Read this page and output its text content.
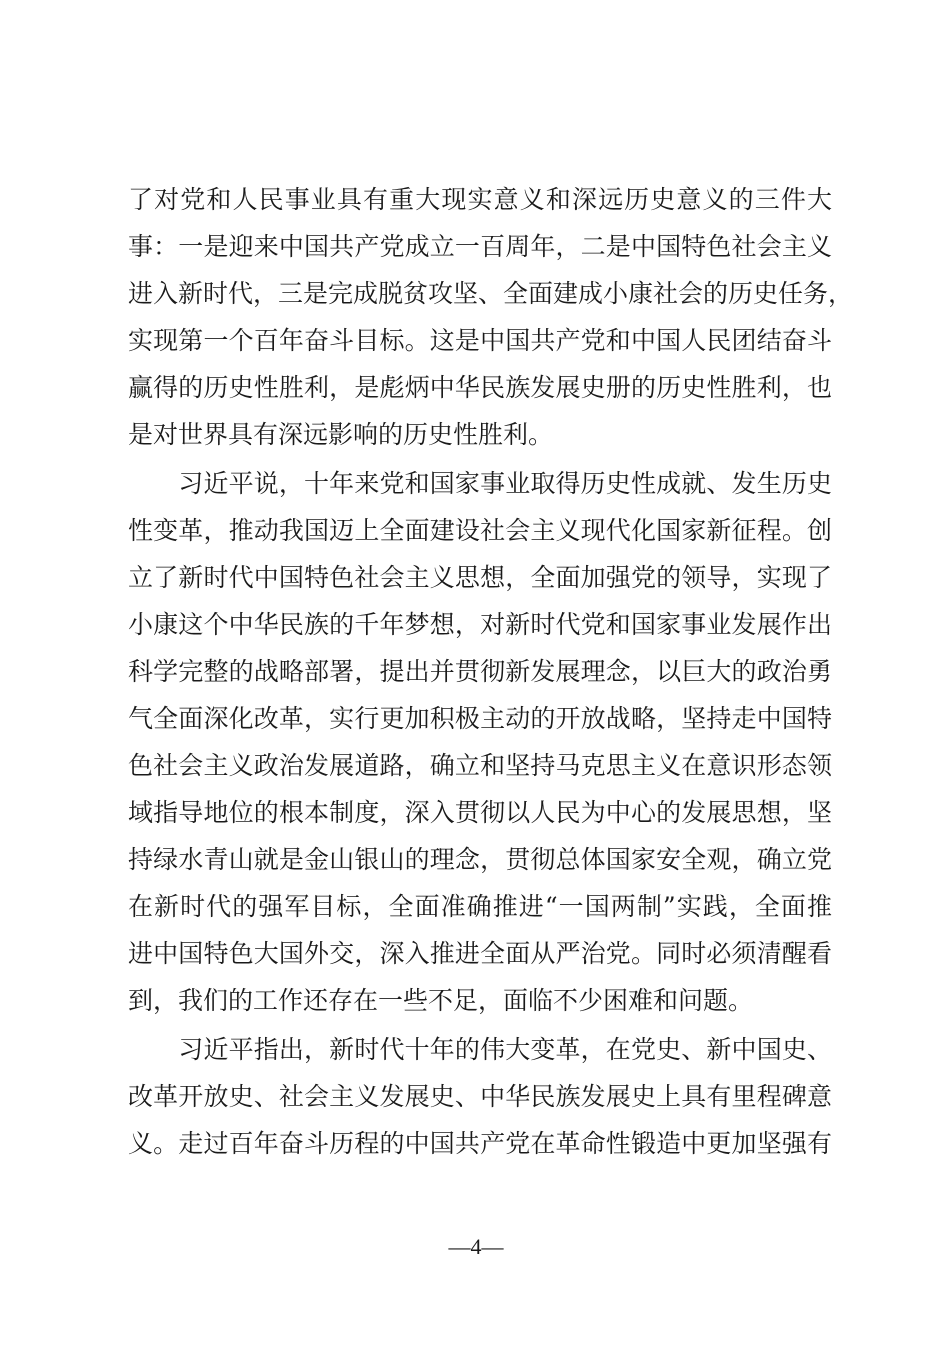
了对党和人民事业具有重大现实意义和深远历史意义的三件大
事：一是迎来中国共产党成立一百周年，二是中国特色社会主义
进入新时代，三是完成脱贫攻坚、全面建成小康社会的历史任务，
实现第一个百年奋斗目标。这是中国共产党和中国人民团结奋斗
赢得的历史性胜利，是彪炳中华民族发展史册的历史性胜利，也
是对世界具有深远影响的历史性胜利。
　　习近平说，十年来党和国家事业取得历史性成就、发生历史
性变革，推动我国迈上全面建设社会主义现代化国家新征程。创
立了新时代中国特色社会主义思想，全面加强党的领导，实现了
小康这个中华民族的千年梦想，对新时代党和国家事业发展作出
科学完整的战略部署，提出并贯彻新发展理念，以巨大的政治勇
气全面深化改革，实行更加积极主动的开放战略，坚持走中国特
色社会主义政治发展道路，确立和坚持马克思主义在意识形态领
域指导地位的根本制度，深入贯彻以人民为中心的发展思想，坚
持绿水青山就是金山银山的理念，贯彻总体国家安全观，确立党
在新时代的强军目标，全面准确推进“一国两制”实践，全面推
进中国特色大国外交，深入推进全面从严治党。同时必须清醒看
到，我们的工作还存在一些不足，面临不少困难和问题。
　　习近平指出，新时代十年的伟大变革，在党史、新中国史、
改革开放史、社会主义发展史、中华民族发展史上具有里程碑意
义。走过百年奋斗历程的中国共产党在革命性锻造中更加坚强有
—4—
